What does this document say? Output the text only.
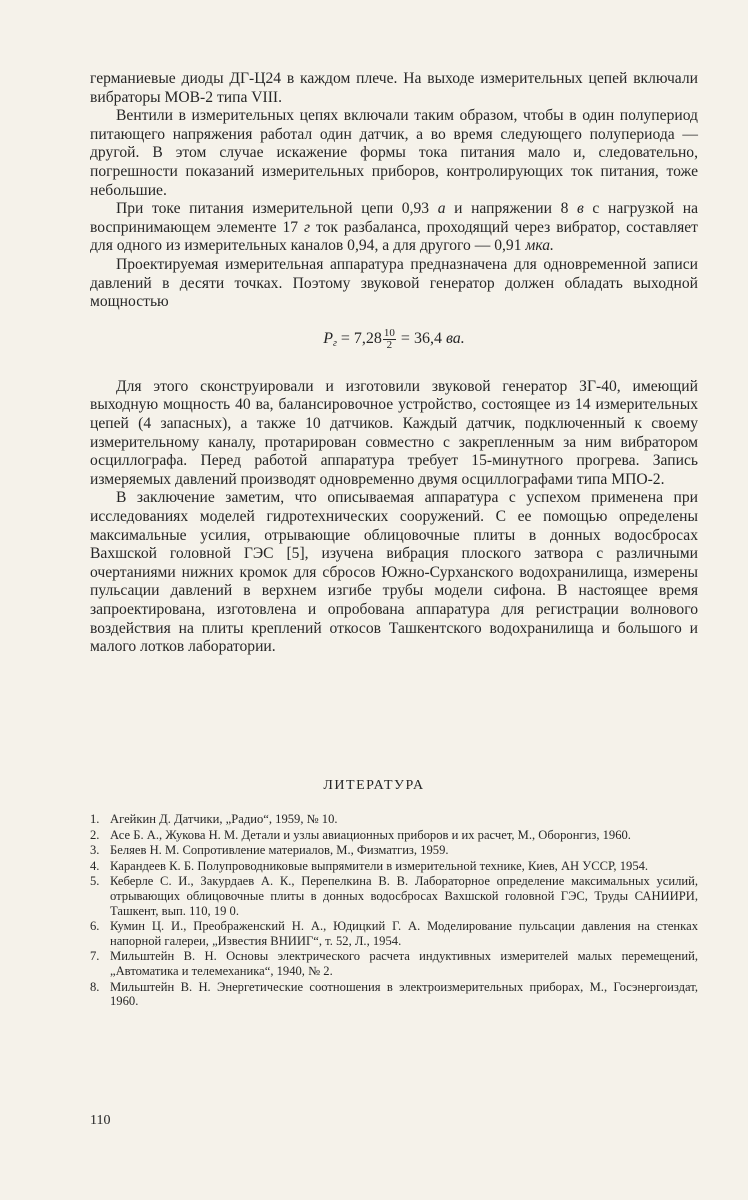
германиевые диоды ДГ-Ц24 в каждом плече. На выходе измерительных цепей включали вибраторы МОВ-2 типа VIII.

Вентили в измерительных цепях включали таким образом, чтобы в один полупериод питающего напряжения работал один датчик, а во время следующего полупериода — другой. В этом случае искажение формы тока питания мало и, следовательно, погрешности показаний измерительных приборов, контролирующих ток питания, тоже небольшие.

При токе питания измерительной цепи 0,93 а и напряжении 8 в с нагрузкой на воспринимающем элементе 17 г ток разбаланса, проходящий через вибратор, составляет для одного из измерительных каналов 0,94, а для другого — 0,91 мка.

Проектируемая измерительная аппаратура предназначена для одновременной записи давлений в десяти точках. Поэтому звуковой генератор должен обладать выходной мощностью

$P_г = 7,28 \frac{10}{2} = 36,4$ ва.

Для этого сконструировали и изготовили звуковой генератор ЗГ-40, имеющий выходную мощность 40 ва, балансировочное устройство, состоящее из 14 измерительных цепей (4 запасных), а также 10 датчиков. Каждый датчик, подключенный к своему измерительному каналу, протарирован совместно с закрепленным за ним вибратором осциллографа. Перед работой аппаратура требует 15-минутного прогрева. Запись измеряемых давлений производят одновременно двумя осциллографами типа МПО-2.

В заключение заметим, что описываемая аппаратура с успехом применена при исследованиях моделей гидротехнических сооружений. С ее помощью определены максимальные усилия, отрывающие облицовочные плиты в донных водосбросах Вахшской головной ГЭС [5], изучена вибрация плоского затвора с различными очертаниями нижних кромок для сбросов Южно-Сурханского водохранилища, измерены пульсации давлений в верхнем изгибе трубы модели сифона. В настоящее время запроектирована, изготовлена и опробована аппаратура для регистрации волнового воздействия на плиты креплений откосов Ташкентского водохранилища и большого и малого лотков лаборатории.

ЛИТЕРАТУРА
1. Агейкин Д. Датчики, „Радио“, 1959, № 10.
2. Асе Б. А., Жукова Н. М. Детали и узлы авиационных приборов и их расчет, М., Оборонгиз, 1960.
3. Беляев Н. М. Сопротивление материалов, М., Физматгиз, 1959.
4. Карандеев К. Б. Полупроводниковые выпрямители в измерительной технике, Киев, АН УССР, 1954.
5. Кеберле С. И., Закурдаев А. К., Перепелкина В. В. Лабораторное определение максимальных усилий, отрывающих облицовочные плиты в донных водосбросах Вахшской головной ГЭС, Труды САНИИРИ, Ташкент, вып. 110, 19 0.
6. Кумин Ц. И., Преображенский Н. А., Юдицкий Г. А. Моделирование пульсации давления на стенках напорной галереи, „Известия ВНИИГ“, т. 52, Л., 1954.
7. Мильштейн В. Н. Основы электрического расчета индуктивных измерителей малых перемещений, „Автоматика и телемеханика“, 1940, № 2.
8. Мильштейн В. Н. Энергетические соотношения в электроизмерительных приборах, М., Госэнергоиздат, 1960.
110
